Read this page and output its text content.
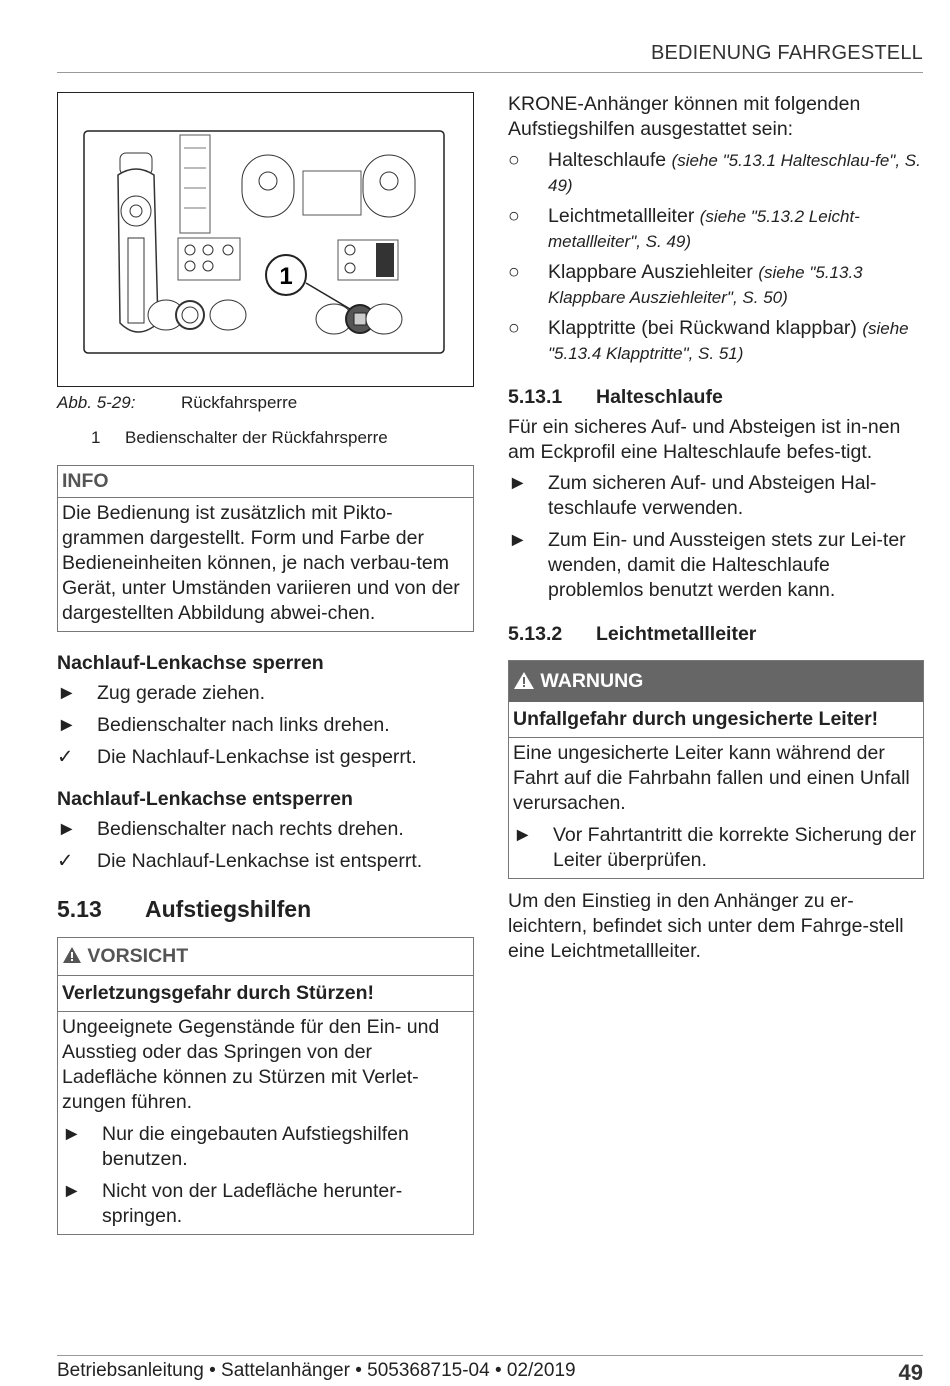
BEDIENUNG FAHRGESTELL
1
Abb. 5-29:	Rückfahrsperre
1	Bedienschalter der Rückfahrsperre
INFO
Die Bedienung ist zusätzlich mit Pikto-grammen dargestellt. Form und Farbe der Bedieneinheiten können, je nach verbau-tem Gerät, unter Umständen variieren und von der dargestellten Abbildung abwei-chen.

Nachlauf-Lenkachse sperren

►	Zug gerade ziehen.
►	Bedienschalter nach links drehen.
✓	Die Nachlauf-Lenkachse ist gesperrt.

Nachlauf-Lenkachse entsperren

►	Bedienschalter nach rechts drehen.
✓	Die Nachlauf-Lenkachse ist entsperrt.
5.13	Aufstiegshilfen
VORSICHT
Verletzungsgefahr durch Stürzen!

Ungeeignete Gegenstände für den Ein- und Ausstieg oder das Springen von der Ladefläche können zu Stürzen mit Verlet-zungen führen.

►	Nur die eingebauten Aufstiegshilfen benutzen.
►	Nicht von der Ladefläche herunter-springen.

KRONE-Anhänger können mit folgenden Aufstiegshilfen ausgestattet sein:

○	Halteschlaufe (siehe "5.13.1 Halteschlau-fe", S. 49)
○	Leichtmetallleiter (siehe "5.13.2 Leicht-metallleiter", S. 49)
○	Klappbare Ausziehleiter (siehe "5.13.3 Klappbare Ausziehleiter", S. 50)
○	Klapptritte (bei Rückwand klappbar) (siehe "5.13.4 Klapptritte", S. 51)
5.13.1	Halteschlaufe

Für ein sicheres Auf- und Absteigen ist in-nen am Eckprofil eine Halteschlaufe befes-tigt.

►	Zum sicheren Auf- und Absteigen Hal-teschlaufe verwenden.
►	Zum Ein- und Aussteigen stets zur Lei-ter wenden, damit die Halteschlaufe problemlos benutzt werden kann.
5.13.2	Leichtmetallleiter
WARNUNG
Unfallgefahr durch ungesicherte Leiter!

Eine ungesicherte Leiter kann während der Fahrt auf die Fahrbahn fallen und einen Unfall verursachen.

►	Vor Fahrtantritt die korrekte Sicherung der Leiter überprüfen.

Um den Einstieg in den Anhänger zu er-leichtern, befindet sich unter dem Fahrge-stell eine Leichtmetallleiter.

Betriebsanleitung • Sattelanhänger • 505368715-04 • 02/2019	49
